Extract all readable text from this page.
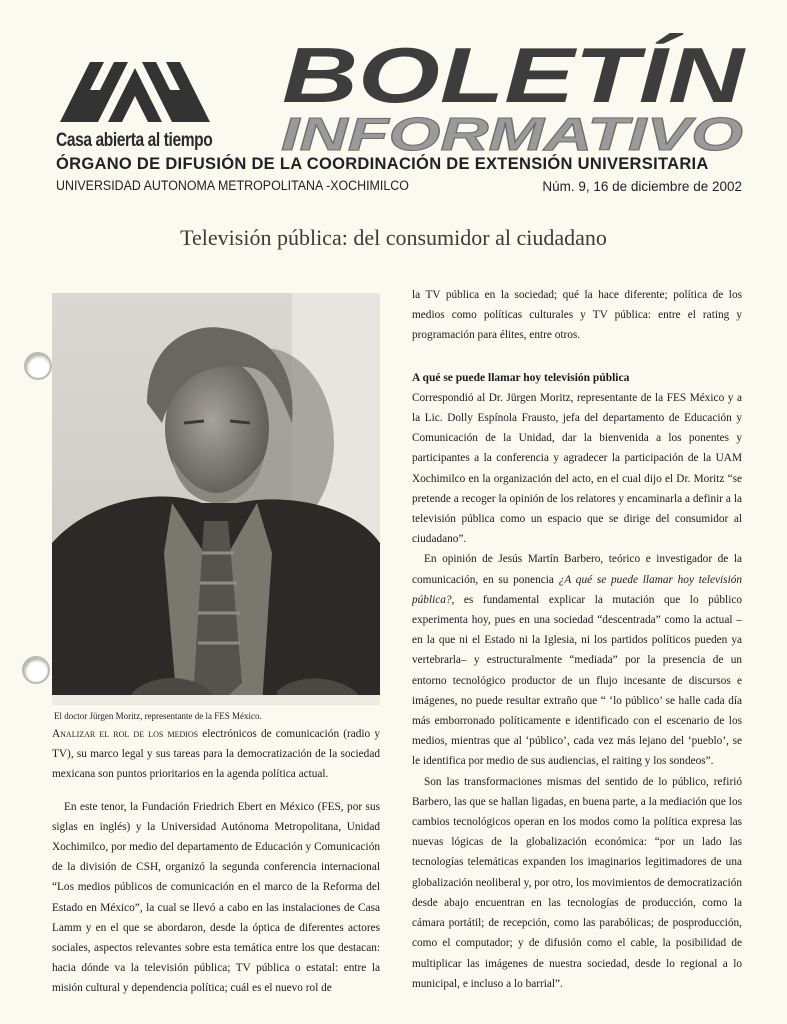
Casa abierta al tiempo
BOLETÍN
INFORMATIVO
ÓRGANO DE DIFUSIÓN DE LA COORDINACIÓN DE EXTENSIÓN UNIVERSITARIA
UNIVERSIDAD AUTONOMA METROPOLITANA -XOCHIMILCO	Núm. 9, 16 de diciembre de 2002
Televisión pública: del consumidor al ciudadano
El doctor Jürgen Moritz, representante de la FES México.

Analizar el rol de los medios electrónicos de comunicación (radio y TV), su marco legal y sus tareas para la democratización de la sociedad mexicana son puntos prioritarios en la agenda política actual.

En este tenor, la Fundación Friedrich Ebert en México (FES, por sus siglas en inglés) y la Universidad Autónoma Metropolitana, Unidad Xochimilco, por medio del departamento de Educación y Comunicación de la división de CSH, organizó la segunda conferencia internacional “Los medios públicos de comunicación en el marco de la Reforma del Estado en México”, la cual se llevó a cabo en las instalaciones de Casa Lamm y en el que se abordaron, desde la óptica de diferentes actores sociales, aspectos relevantes sobre esta temática entre los que destacan: hacia dónde va la televisión pública; TV pública o estatal: entre la misión cultural y dependencia política; cuál es el nuevo rol de

la TV pública en la sociedad; qué la hace diferente; política de los medios como políticas culturales y TV pública: entre el rating y programación para élites, entre otros.

A qué se puede llamar hoy televisión pública

Correspondió al Dr. Jürgen Moritz, representante de la FES México y a la Lic. Dolly Espínola Frausto, jefa del departamento de Educación y Comunicación de la Unidad, dar la bienvenida a los ponentes y participantes a la conferencia y agradecer la participación de la UAM Xochimilco en la organización del acto, en el cual dijo el Dr. Moritz “se pretende a recoger la opinión de los relatores y encaminarla a definir a la televisión pública como un espacio que se dirige del consumidor al ciudadano”.

En opinión de Jesús Martín Barbero, teórico e investigador de la comunicación, en su ponencia ¿A qué se puede llamar hoy televisión pública?, es fundamental explicar la mutación que lo público experimenta hoy, pues en una sociedad “descentrada” como la actual –en la que ni el Estado ni la Iglesia, ni los partidos políticos pueden ya vertebrarla– y estructuralmente “mediada” por la presencia de un entorno tecnológico productor de un flujo incesante de discursos e imágenes, no puede resultar extraño que “ ‘lo público’ se halle cada día más emborronado políticamente e identificado con el escenario de los medios, mientras que al ‘público’, cada vez más lejano del ‘pueblo’, se le identifica por medio de sus audiencias, el raiting y los sondeos”.

Son las transformaciones mismas del sentido de lo público, refirió Barbero, las que se hallan ligadas, en buena parte, a la mediación que los cambios tecnológicos operan en los modos como la política expresa las nuevas lógicas de la globalización económica: “por un lado las tecnologías telemáticas expanden los imaginarios legitimadores de una globalización neoliberal y, por otro, los movimientos de democratización desde abajo encuentran en las tecnologías de producción, como la cámara portátil; de recepción, como las parabólicas; de posproducción, como el computador; y de difusión como el cable, la posibilidad de multiplicar las imágenes de nuestra sociedad, desde lo regional a lo municipal, e incluso a lo barrial”.
